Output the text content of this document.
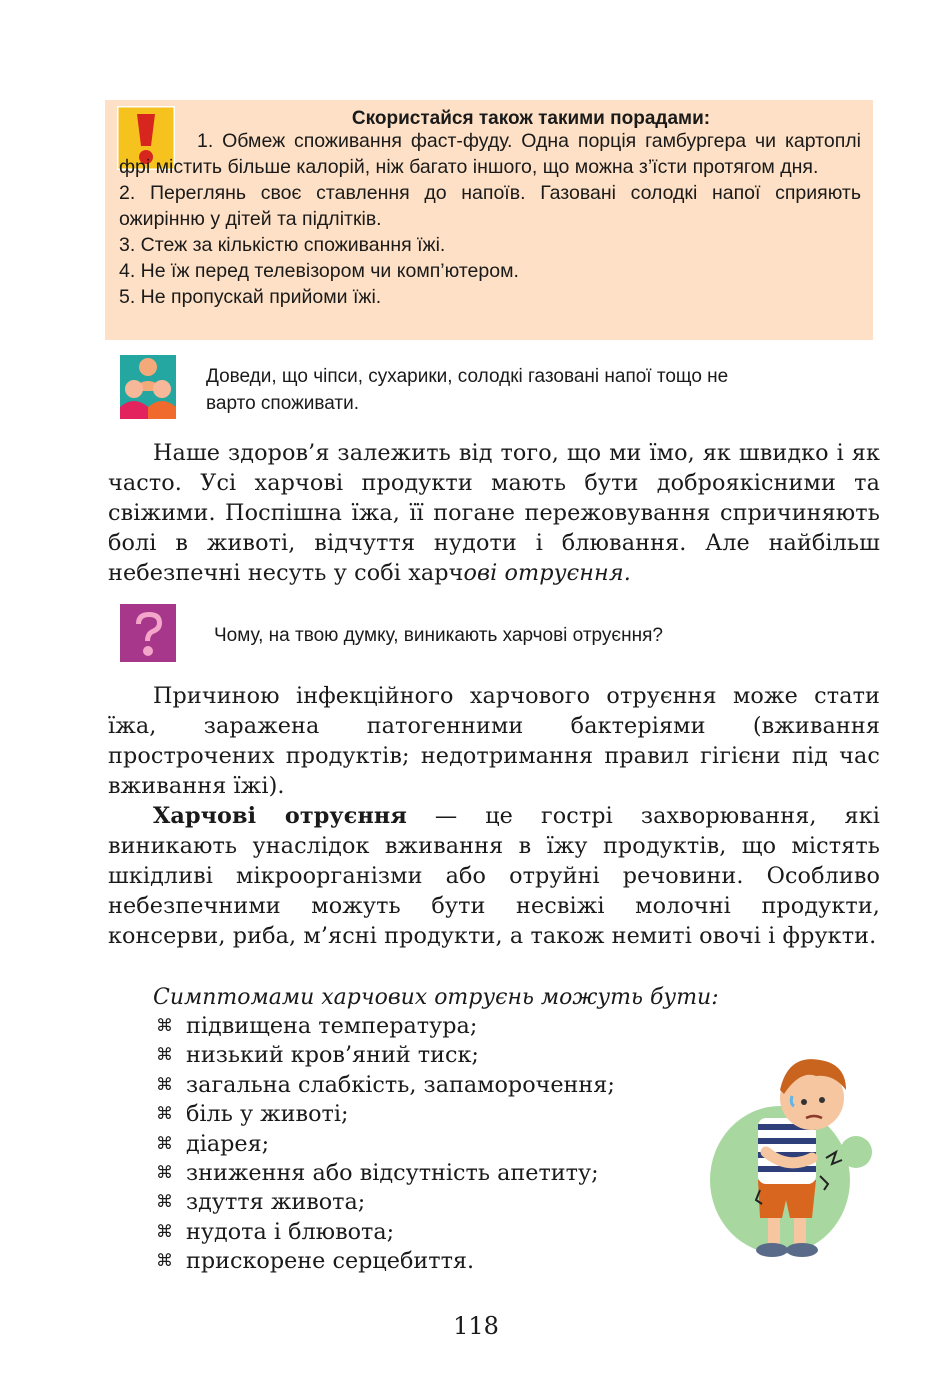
Скористайся також такими порадами:

1. Обмеж споживання фаст-фуду. Одна порція гамбургера чи картоплі фрі містить більше калорій, ніж багато іншого, що можна з’їсти протягом дня.

2. Переглянь своє ставлення до напоїв. Газовані солодкі напої сприяють ожирінню у дітей та підлітків.

3. Стеж за кількістю споживання їжі.

4. Не їж перед телевізором чи комп’ютером.

5. Не пропускай прийоми їжі.

Доведи, що чіпси, сухарики, солодкі газовані напої тощо не
варто споживати.

Наше здоров’я залежить від того, що ми їмо, як швидко і як часто. Усі харчові продукти мають бути доброякісними та свіжими. Поспішна їжа, її погане пережовування спричиняють болі в животі, відчуття нудоти і блювання. Але найбільш небезпечні несуть у собі харчові отруєння.

Чому, на твою думку, виникають харчові отруєння?

Причиною інфекційного харчового отруєння може стати їжа, заражена патогенними бактеріями (вживання прострочених продуктів; недотримання правил гігієни під час вживання їжі).

Харчові отруєння — це гострі захворювання, які виникають унаслідок вживання в їжу продуктів, що містять шкідливі мікроорганізми або отруйні речовини. Особливо небезпечними можуть бути несвіжі молочні продукти, консерви, риба, м’ясні продукти, а також немиті овочі і фрукти.

Симптомами харчових отруєнь можуть бути:
⌘ підвищена температура;
⌘ низький кров’яний тиск;
⌘ загальна слабкість, запаморочення;
⌘ біль у животі;
⌘ діарея;
⌘ зниження або відсутність апетиту;
⌘ здуття живота;
⌘ нудота і блювота;
⌘ прискорене серцебиття.
118
